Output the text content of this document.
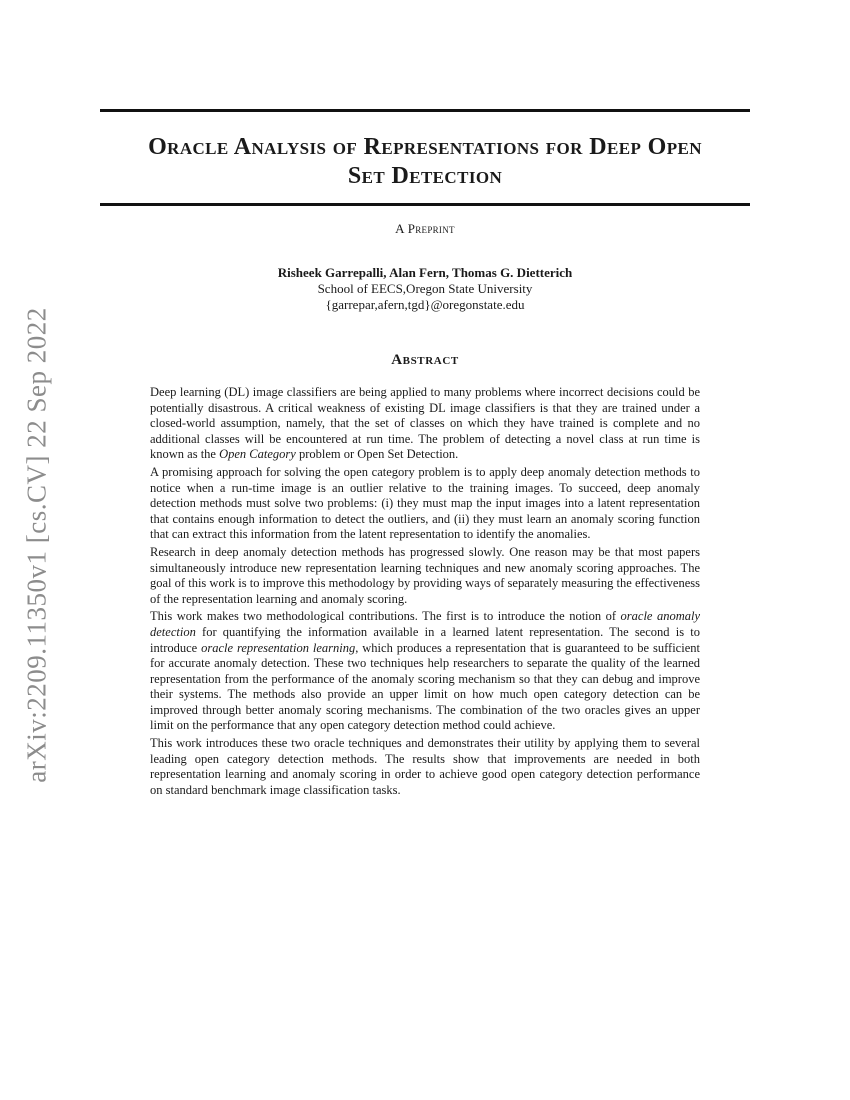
arXiv:2209.11350v1 [cs.CV] 22 Sep 2022
Oracle Analysis of Representations for Deep Open
Set Detection
A Preprint
Risheek Garrepalli, Alan Fern, Thomas G. Dietterich
School of EECS,Oregon State University
{garrepar,afern,tgd}@oregonstate.edu
Abstract

Deep learning (DL) image classifiers are being applied to many problems where incorrect decisions could be potentially disastrous. A critical weakness of existing DL image classifiers is that they are trained under a closed-world assumption, namely, that the set of classes on which they have trained is complete and no additional classes will be encountered at run time. The problem of detecting a novel class at run time is known as the Open Category problem or Open Set Detection.

A promising approach for solving the open category problem is to apply deep anomaly detection methods to notice when a run-time image is an outlier relative to the training images. To succeed, deep anomaly detection methods must solve two problems: (i) they must map the input images into a latent representation that contains enough information to detect the outliers, and (ii) they must learn an anomaly scoring function that can extract this information from the latent representation to identify the anomalies.

Research in deep anomaly detection methods has progressed slowly. One reason may be that most papers simultaneously introduce new representation learning techniques and new anomaly scoring approaches. The goal of this work is to improve this methodology by providing ways of separately measuring the effectiveness of the representation learning and anomaly scoring.

This work makes two methodological contributions. The first is to introduce the notion of oracle anomaly detection for quantifying the information available in a learned latent representation. The second is to introduce oracle representation learning, which produces a representation that is guaranteed to be sufficient for accurate anomaly detection. These two techniques help researchers to separate the quality of the learned representation from the performance of the anomaly scoring mechanism so that they can debug and improve their systems. The methods also provide an upper limit on how much open category detection can be improved through better anomaly scoring mechanisms. The combination of the two oracles gives an upper limit on the performance that any open category detection method could achieve.

This work introduces these two oracle techniques and demonstrates their utility by applying them to several leading open category detection methods. The results show that improvements are needed in both representation learning and anomaly scoring in order to achieve good open category detection performance on standard benchmark image classification tasks.
